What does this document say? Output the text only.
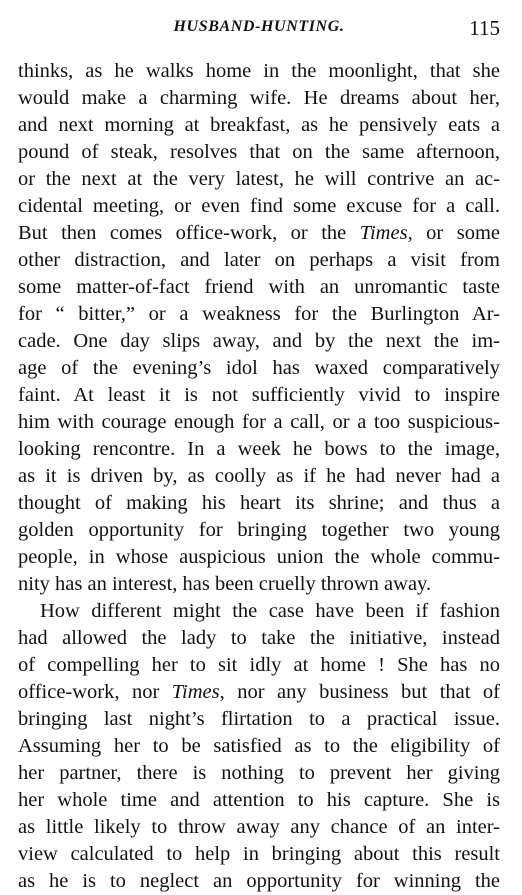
HUSBAND-HUNTING.	115
thinks, as he walks home in the moonlight, that she
would make a charming wife. He dreams about her,
and next morning at breakfast, as he pensively eats a
pound of steak, resolves that on the same afternoon,
or the next at the very latest, he will contrive an ac-
cidental meeting, or even find some excuse for a call.
But then comes office-work, or the Times, or some
other distraction, and later on perhaps a visit from
some matter-of-fact friend with an unromantic taste
for “ bitter,” or a weakness for the Burlington Ar-
cade. One day slips away, and by the next the im-
age of the evening’s idol has waxed comparatively
faint. At least it is not sufficiently vivid to inspire
him with courage enough for a call, or a too suspicious-
looking rencontre. In a week he bows to the image,
as it is driven by, as coolly as if he had never had a
thought of making his heart its shrine; and thus a
golden opportunity for bringing together two young
people, in whose auspicious union the whole commu-
nity has an interest, has been cruelly thrown away.
How different might the case have been if fashion
had allowed the lady to take the initiative, instead
of compelling her to sit idly at home ! She has no
office-work, nor Times, nor any business but that of
bringing last night’s flirtation to a practical issue.
Assuming her to be satisfied as to the eligibility of
her partner, there is nothing to prevent her giving
her whole time and attention to his capture. She is
as little likely to throw away any chance of an inter-
view calculated to help in bringing about this result
as he is to neglect an opportunity for winning the
